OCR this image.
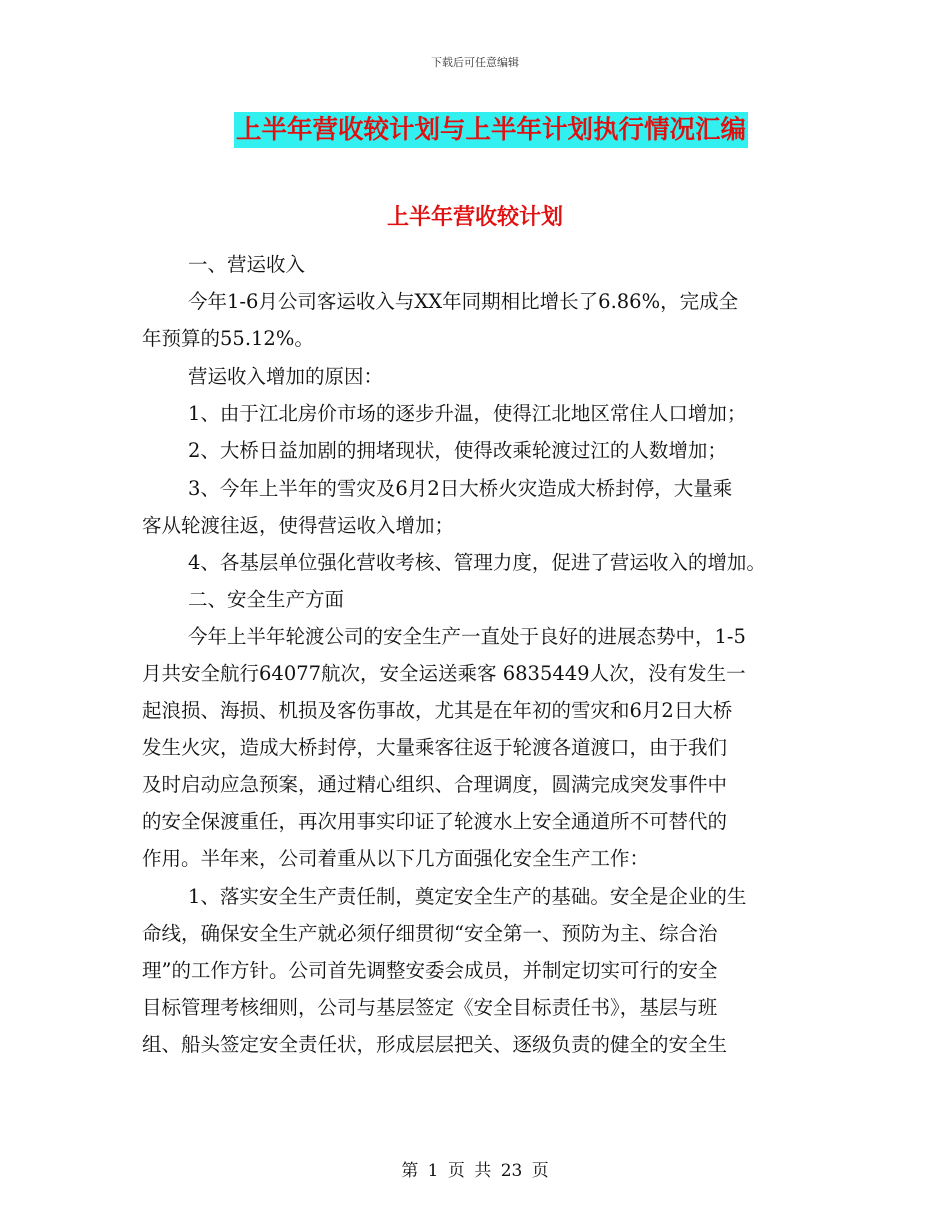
下载后可任意编辑
上半年营收较计划与上半年计划执行情况汇编
上半年营收较计划
一、营运收入
今年1-6月公司客运收入与XX年同期相比增长了6.86%，完成全
年预算的55.12%。
营运收入增加的原因：
1、由于江北房价市场的逐步升温，使得江北地区常住人口增加；
2、大桥日益加剧的拥堵现状，使得改乘轮渡过江的人数增加；
3、今年上半年的雪灾及6月2日大桥火灾造成大桥封停，大量乘
客从轮渡往返，使得营运收入增加；
4、各基层单位强化营收考核、管理力度，促进了营运收入的增加。
二、安全生产方面
今年上半年轮渡公司的安全生产一直处于良好的进展态势中，1-5
月共安全航行64077航次，安全运送乘客 6835449人次，没有发生一
起浪损、海损、机损及客伤事故，尤其是在年初的雪灾和6月2日大桥
发生火灾，造成大桥封停，大量乘客往返于轮渡各道渡口，由于我们
及时启动应急预案，通过精心组织、合理调度，圆满完成突发事件中
的安全保渡重任，再次用事实印证了轮渡水上安全通道所不可替代的
作用。半年来，公司着重从以下几方面强化安全生产工作：
1、落实安全生产责任制，奠定安全生产的基础。安全是企业的生
命线，确保安全生产就必须仔细贯彻“安全第一、预防为主、综合治
理”的工作方针。公司首先调整安委会成员，并制定切实可行的安全
目标管理考核细则，公司与基层签定《安全目标责任书》，基层与班
组、船头签定安全责任状，形成层层把关、逐级负责的健全的安全生
第 1 页 共 23 页
